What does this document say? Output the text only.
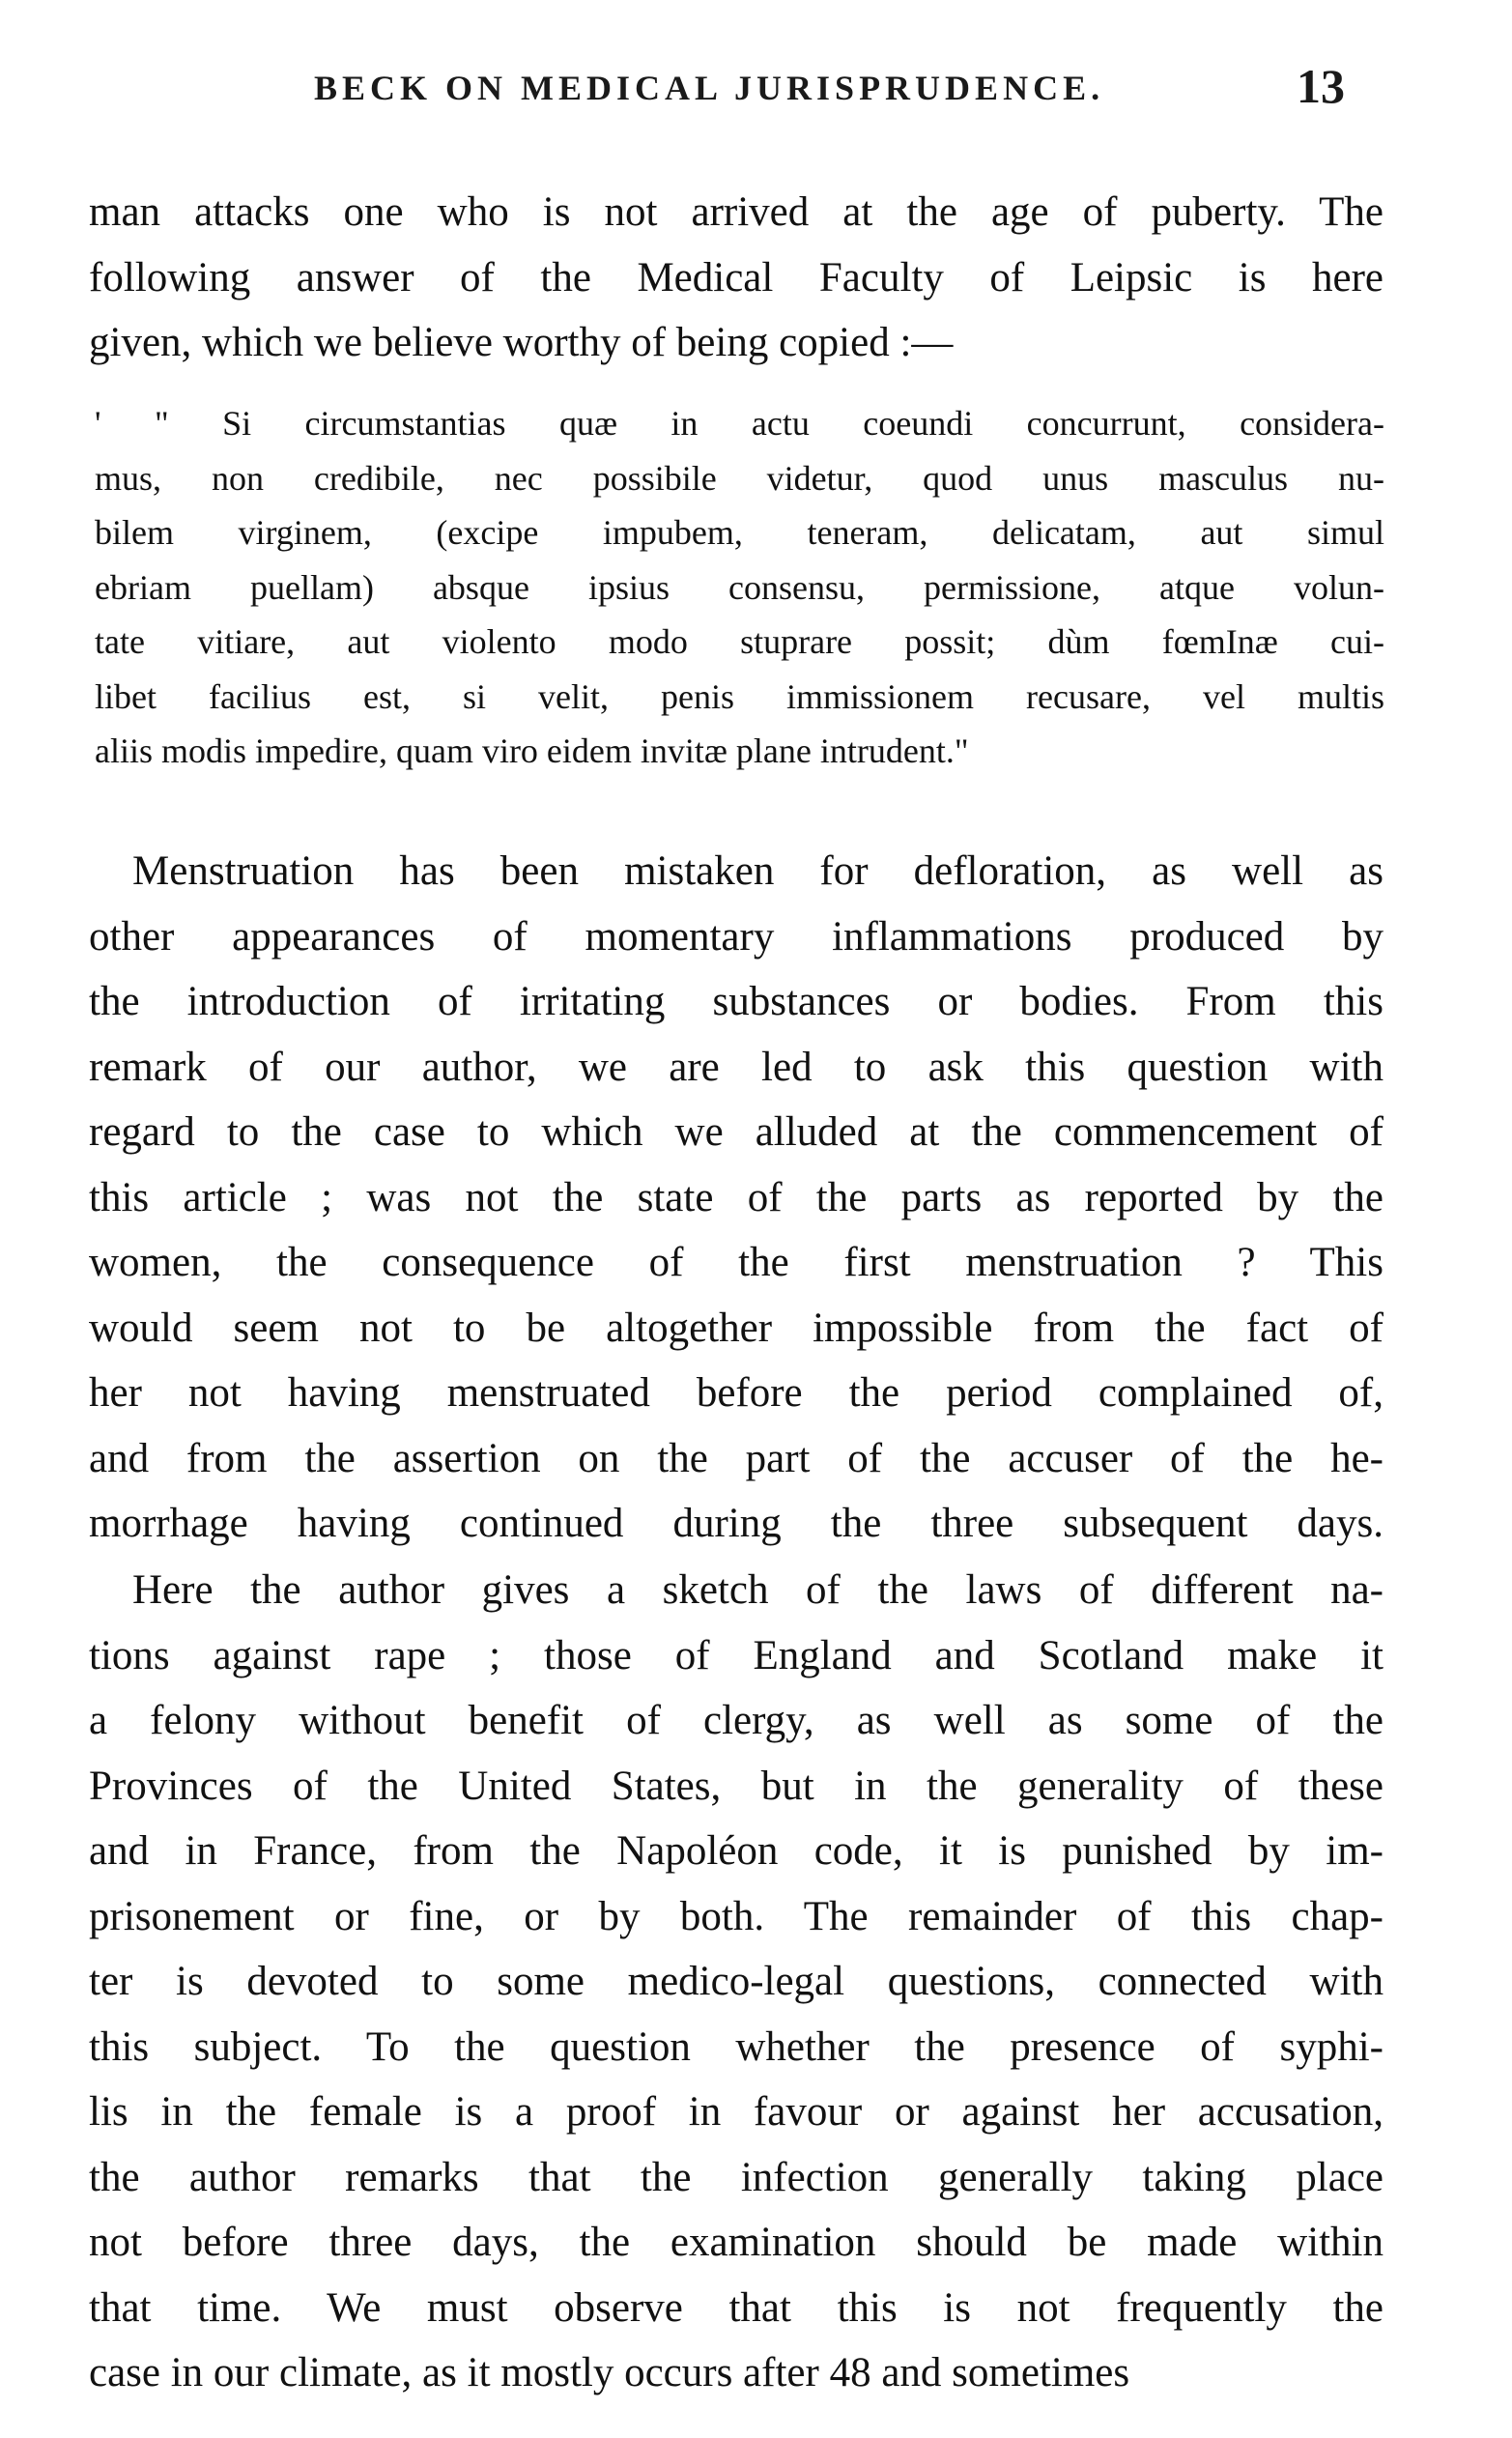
BECK ON MEDICAL JURISPRUDENCE.	13
man attacks one who is not arrived at the age of puberty. The
following answer of the Medical Faculty of Leipsic is here
given, which we believe worthy of being copied :—
' " Si circumstantias quæ in actu coeundi concurrunt, considera-
mus, non credibile, nec possibile videtur, quod unus masculus nu-
bilem virginem, (excipe impubem, teneram, delicatam, aut simul
ebriam puellam) absque ipsius consensu, permissione, atque volun-
tate vitiare, aut violento modo stuprare possit; dùm fœmInæ cui-
libet facilius est, si velit, penis immissionem recusare, vel multis
aliis modis impedire, quam viro eidem invitæ plane intrudent."
Menstruation has been mistaken for defloration, as well as
other appearances of momentary inflammations produced by
the introduction of irritating substances or bodies. From this
remark of our author, we are led to ask this question with
regard to the case to which we alluded at the commencement of
this article ; was not the state of the parts as reported by the
women, the consequence of the first menstruation ? This
would seem not to be altogether impossible from the fact of
her not having menstruated before the period complained of,
and from the assertion on the part of the accuser of the he-
morrhage having continued during the three subsequent days.
Here the author gives a sketch of the laws of different na-
tions against rape ; those of England and Scotland make it
a felony without benefit of clergy, as well as some of the
Provinces of the United States, but in the generality of these
and in France, from the Napoléon code, it is punished by im-
prisonement or fine, or by both. The remainder of this chap-
ter is devoted to some medico-legal questions, connected with
this subject. To the question whether the presence of syphi-
lis in the female is a proof in favour or against her accusation,
the author remarks that the infection generally taking place
not before three days, the examination should be made within
that time. We must observe that this is not frequently the
case in our climate, as it mostly occurs after 48 and sometimes
